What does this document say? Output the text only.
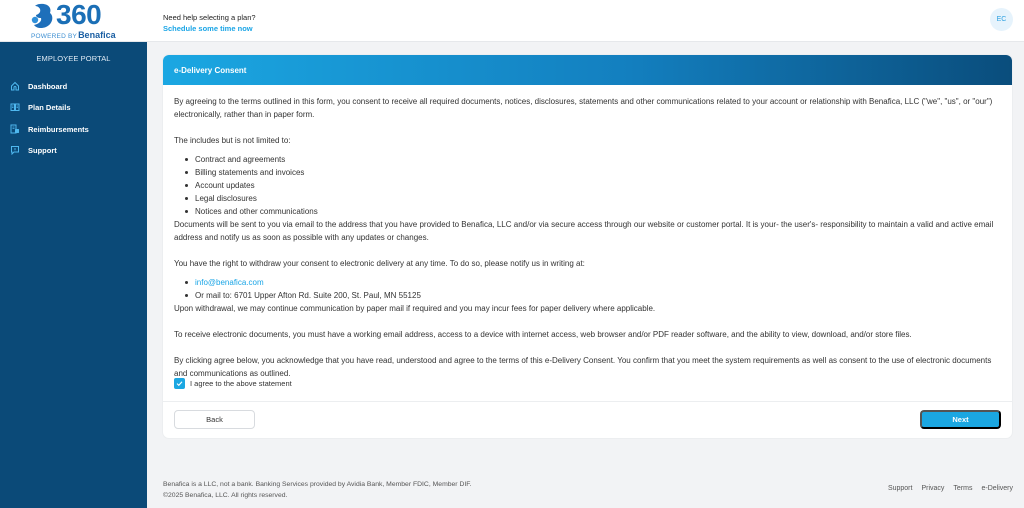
360
POWERED BYBenafica
Need help selecting a plan?
Schedule some time now
EC
EMPLOYEE PORTAL
Dashboard
Plan Details
Reimbursements
Support
e-Delivery Consent

By agreeing to the terms outlined in this form, you consent to receive all required documents, notices, disclosures, statements and other communications related to your account or relationship with Benafica, LLC ("we", "us", or "our") electronically, rather than in paper form.

The includes but is not limited to:

Contract and agreements
Billing statements and invoices
Account updates
Legal disclosures
Notices and other communications

Documents will be sent to you via email to the address that you have provided to Benafica, LLC and/or via secure access through our website or customer portal. It is your- the user's- responsibility to maintain a valid and active email address and notify us as soon as possible with any updates or changes.

You have the right to withdraw your consent to electronic delivery at any time. To do so, please notify us in writing at:

info@benafica.com
Or mail to: 6701 Upper Afton Rd. Suite 200, St. Paul, MN 55125

Upon withdrawal, we may continue communication by paper mail if required and you may incur fees for paper delivery where applicable.

To receive electronic documents, you must have a working email address, access to a device with internet access, web browser and/or PDF reader software, and the ability to view, download, and/or store files.

By clicking agree below, you acknowledge that you have read, understood and agree to the terms of this e-Delivery Consent. You confirm that you meet the system requirements as well as consent to the use of electronic documents and communications as outlined.

I agree to the above statement
Back	Next
Benafica is a LLC, not a bank. Banking Services provided by Avidia Bank, Member FDIC, Member DIF.
©2025 Benafica, LLC. All rights reserved.
Support Privacy Terms e-Delivery
